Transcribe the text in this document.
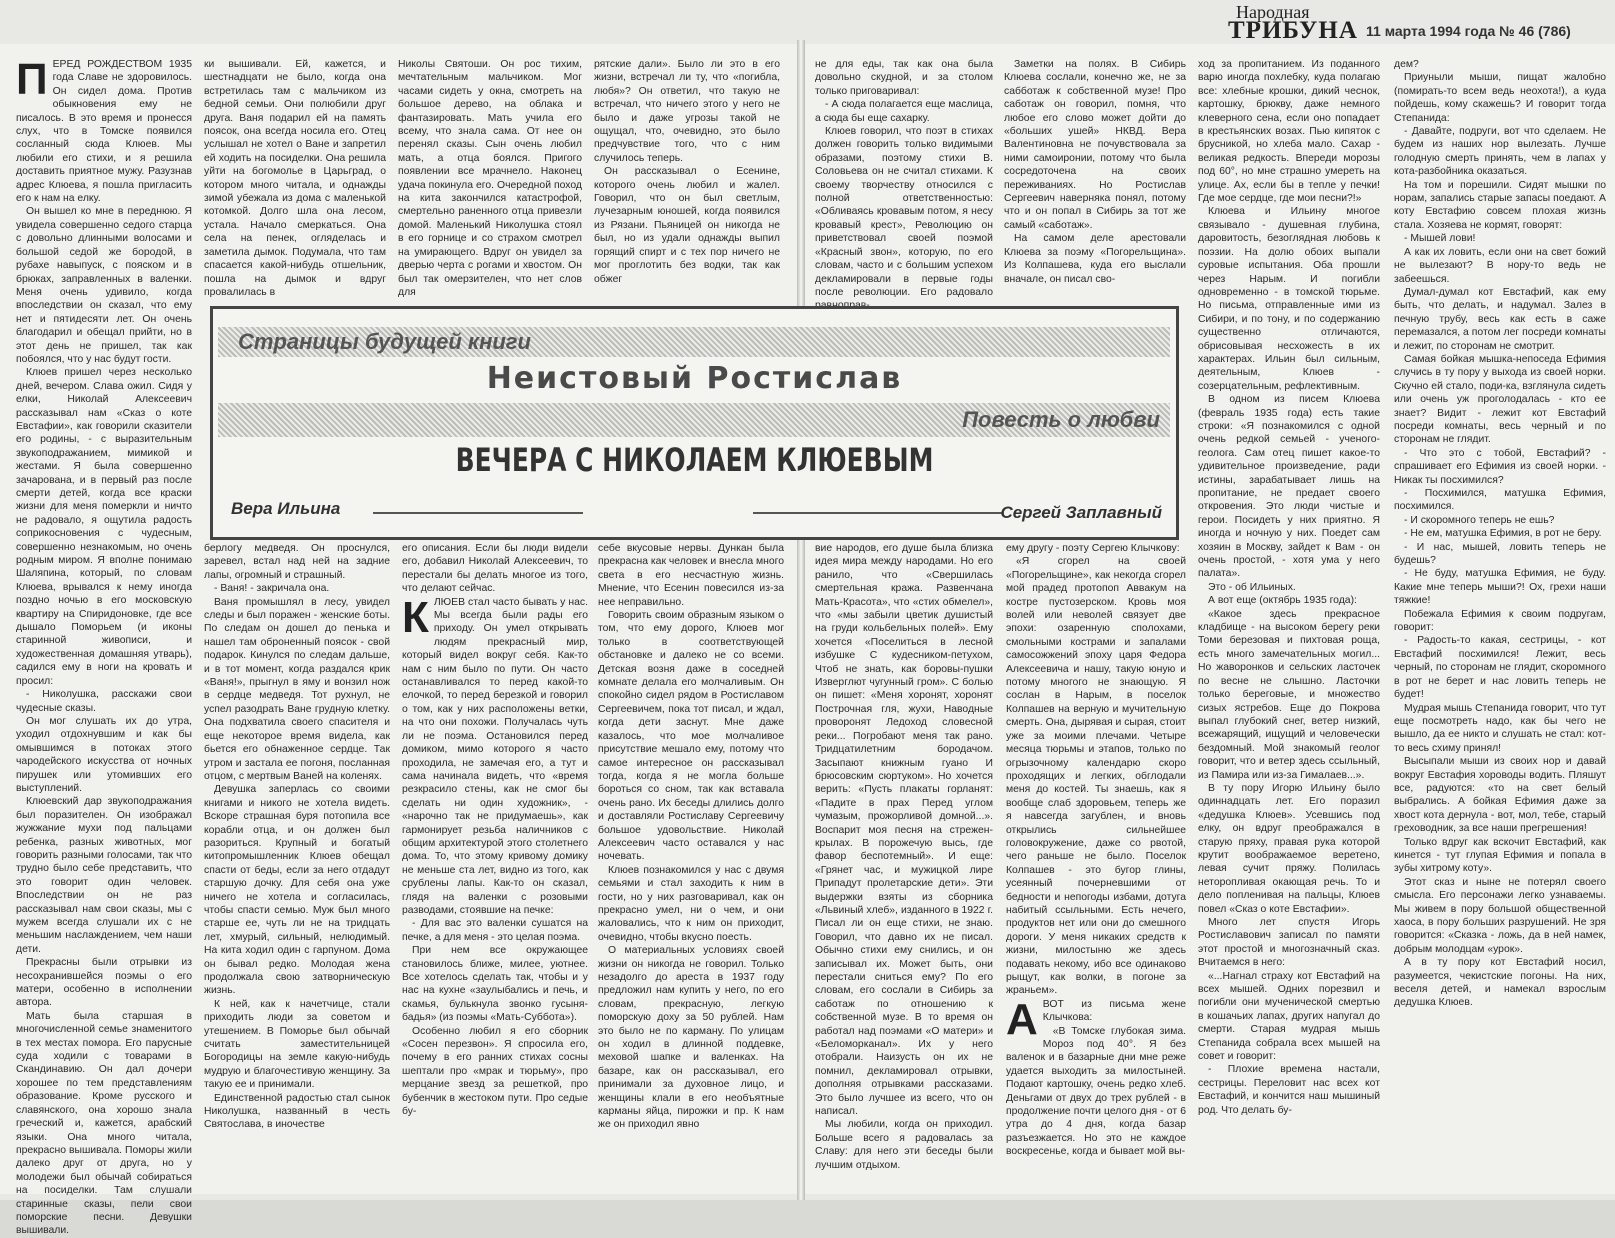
Народная
ТРИБУНА 11 марта 1994 года № 46 (786)
П ЕРЕД РОЖДЕСТВОМ 1935 года Славе не здоровилось. Он сидел дома. Против обыкновения ему не писалось. В это время и пронесся слух, что в Томске появился сосланный сюда Клюев. Мы любили его стихи, и я решила доставить приятное мужу. Разузнав адрес Клюева, я пошла пригласить его к нам на елку.

Он вышел ко мне в переднюю. Я увидела совершенно седого старца с довольно длинными волосами и большой седой же бородой, в рубахе навыпуск, с пояском и в брюках, заправленных в валенки. Меня очень удивило, когда впоследствии он сказал, что ему нет и пятидесяти лет. Он очень благодарил и обещал прийти, но в этот день не пришел, так как побоялся, что у нас будут гости.

Клюев пришел через несколько дней, вечером. Слава ожил. Сидя у елки, Николай Алексеевич рассказывал нам «Сказ о коте Евстафии», как говорили сказители его родины, - с выразительным звукоподражанием, мимикой и жестами. Я была совершенно зачарована, и в первый раз после смерти детей, когда все краски жизни для меня померкли и ничто не радовало, я ощутила радость соприкосновения с чудесным, совершенно незнакомым, но очень родным миром. Я вполне понимаю Шаляпина, который, по словам Клюева, врывался к нему иногда поздно ночью в его московскую квартиру на Спиридоновке, где все дышало Поморьем (и иконы старинной живописи, и художественная домашняя утварь), садился ему в ноги на кровать и просил:

- Николушка, расскажи свои чудесные сказы.

Он мог слушать их до утра, уходил отдохнувшим и как бы омывшимся в потоках этого чародейского искусства от ночных пирушек или утомивших его выступлений.

Клюевский дар звукоподражания был поразителен. Он изображал жужжание мухи под пальцами ребенка, разных животных, мог говорить разными голосами, так что трудно было себе представить, что это говорит один человек. Впоследствии он не раз рассказывал нам свои сказы, мы с мужем всегда слушали их с не меньшим наслаждением, чем наши дети.

Прекрасны были отрывки из несохранившейся поэмы о его матери, особенно в исполнении автора.

Мать была старшая в многочисленной семье знаменитого в тех местах помора. Его парусные суда ходили с товарами в Скандинавию. Он дал дочери хорошее по тем представлениям образование. Кроме русского и славянского, она хорошо знала греческий и, кажется, арабский языки. Она много читала, прекрасно вышивала. Поморы жили далеко друг от друга, но у молодежи был обычай собираться на посиделки. Там слушали старинные сказы, пели свои поморские песни. Девушки вышивали.

ки вышивали. Ей, кажется, и шестнадцати не было, когда она встретилась там с мальчиком из бедной семьи. Они полюбили друг друга. Ваня подарил ей на память поясок, она всегда носила его. Отец услышал не хотел о Ване и запретил ей ходить на посиделки. Она решила уйти на богомолье в Царьград, о котором много читала, и однажды зимой убежала из дома с маленькой котомкой. Долго шла она лесом, устала. Начало смеркаться. Она села на пенек, огляделась и заметила дымок. Подумала, что там спасается какой-нибудь отшельник, пошла на дымок и вдруг провалилась в

Николы Святоши. Он рос тихим, мечтательным мальчиком. Мог часами сидеть у окна, смотреть на большое дерево, на облака и фантазировать. Мать учила его всему, что знала сама. От нее он перенял сказы. Сын очень любил мать, а отца боялся. Пригого появлении все мрачнело. Наконец удача покинула его. Очередной поход на кита закончился катастрофой, смертельно раненного отца привезли домой. Маленький Николушка стоял в его горнице и со страхом смотрел на умирающего. Вдруг он увидел за дверью черта с рогами и хвостом. Он был так омерзителен, что нет слов для

рятские дали». Было ли это в его жизни, встречал ли ту, что «погибла, любя»? Он ответил, что такую не встречал, что ничего этого у него не было и даже угрозы такой не ощущал, что, очевидно, это было предчувствие того, что с ним случилось теперь.

Он рассказывал о Есенине, которого очень любил и жалел. Говорил, что он был светлым, лучезарным юношей, когда появился из Рязани. Пьяницей он никогда не был, но из удали однажды выпил горящий спирт и с тех пор ничего не мог проглотить без водки, так как обжег

не для еды, так как она была довольно скудной, и за столом только приговаривал:

- А сюда полагается еще маслица, а сюда бы еще сахарку.

Клюев говорил, что поэт в стихах должен говорить только видимыми образами, поэтому стихи В. Соловьева он не считал стихами. К своему творчеству относился с полной ответственностью: «Обливаясь кровавым потом, я несу кровавый крест», Революцию он приветствовал своей поэмой «Красный звон», которую, по его словам, часто и с большим успехом декламировали в первые годы после революции. Его радовало

Заметки на полях. В Сибирь Клюева сослали, конечно же, не за сабботаж к собственной музе! Про саботаж он говорил, помня, что любое его слово может дойти до «больших ушей» НКВД. Вера Валентиновна не почувствовала за ними самоиронии, потому что была сосредоточена на своих переживаниях. Но Ростислав Сергеевич наверняка понял, потому что и он попал в Сибирь за тот же самый «саботаж».

На самом деле арестовали Клюева за поэму «Погорельщина». Из Колпашева, куда его выслали вначале, он писал сво-

ход за пропитанием. Из поданного варю иногда похлебку, куда полагаю все: хлебные крошки, дикий чеснок, картошку, брюкву, даже немного клеверного сена, если оно попадает в крестьянских возах. Пью кипяток с брусникой, но хлеба мало. Сахар - великая редкость. Впереди морозы под 60°, но мне страшно умереть на улице. Ах, если бы в тепле у печки! Где мое сердце, где мои песни?!»

Клюева и Ильину многое связывало - душевная глубина, даровитость, безоглядная любовь к поэзии. На долю обоих выпали суровые испытания. Оба прошли через Нарым. И погибли одновременно - в томской тюрьме. Но письма, отправленные ими из Сибири, и по тону, и по содержанию существенно отличаются, обрисовывая несхожесть в их характерах. Ильин был сильным, деятельным, Клюев - созерцательным, рефлективным.

В одном из писем Клюева (февраль 1935 года) есть такие строки: «Я познакомился с одной очень редкой семьей - ученого-геолога. Сам отец пишет какое-то удивительное произведение, ради истины, зарабатывает лишь на пропитание, не предает своего откровения. Это люди чистые и герои. Посидеть у них приятно. Я иногда и ночную у них. Поедет сам хозяин в Москву, зайдет к Вам - он очень простой, - хотя ума у него палата».

Это - об Ильиных.

А вот еще (октябрь 1935 года):

«Какое здесь прекрасное кладбище - на высоком берегу реки Томи березовая и пихтовая роща, есть много замечательных могил... Но жаворонков и сельских ласточек по весне не слышно. Ласточки только береговые, и множество сизых ястребов. Еще до Покрова выпал глубокий снег, ветер низкий, всежарящий, ищущий и человечески бездомный. Мой знакомый геолог говорит, что и ветер здесь ссыльный, из Памира или из-за Гималаев...».

В ту пору Игорю Ильину было одиннадцать лет. Его поразил «дедушка Клюев». Усевшись под елку, он вдруг преображался в старую пряху, правая рука которой крутит воображаемое веретено, левая сучит пряжу. Полилась неторопливая окающая речь. То и дело попленивая на пальцы, Клюев повел «Сказ о коте Евстафии».

Много лет спустя Игорь Ростиславович записал по памяти этот простой и многозначный сказ. Вчитаемся в него:

«...Нагнал страху кот Евстафий на всех мышей. Одних порезвил и погибли они мученической смертью в кошачьих лапах, других напугал до смерти. Старая мудрая мышь Степанида собрала всех мышей на совет и говорит:

- Плохие времена настали, сестрицы. Переловит нас всех кот Евстафий, и кончится наш мышиный род. Что делать бу-

дем?

Приуныли мыши, пищат жалобно (помирать-то всем ведь неохота!), а куда пойдешь, кому скажешь? И говорит тогда Степанида:

- Давайте, подруги, вот что сделаем. Не будем из наших нор вылезать. Лучше голодную смерть принять, чем в лапах у кота-разбойника оказаться.

На том и порешили. Сидят мышки по норам, запались старые запасы поедают. А коту Евстафию совсем плохая жизнь стала. Хозяева не кормят, говорят:

- Мышей лови!

А как их ловить, если они на свет божий не вылезают? В нору-то ведь не забеешься.

Думал-думал кот Евстафий, как ему быть, что делать, и надумал. Залез в печную трубу, весь как есть в саже перемазался, а потом лег посреди комнаты и лежит, по сторонам не смотрит.

Самая бойкая мышка-непоседа Ефимия случись в ту пору у выхода из своей норки. Скучно ей стало, поди-ка, взглянула сидеть или очень уж проголодалась - кто ее знает? Видит - лежит кот Евстафий посреди комнаты, весь черный и по сторонам не глядит.

- Что это с тобой, Евстафий? - спрашивает его Ефимия из своей норки. - Никак ты посхимился?

- Посхимился, матушка Ефимия, посхимился.

- И скоромного теперь не ешь?

- Не ем, матушка Ефимия, в рот не беру.

- И нас, мышей, ловить теперь не будешь?

- Не буду, матушка Ефимия, не буду. Какие мне теперь мыши?! Ох, грехи наши тяжкие!

Побежала Ефимия к своим подругам, говорит:

- Радость-то какая, сестрицы, - кот Евстафий посхимился! Лежит, весь черный, по сторонам не глядит, скоромного в рот не берет и нас ловить теперь не будет!

Мудрая мышь Степанида говорит, что тут еще посмотреть надо, как бы чего не вышло, да ее никто и слушать не стал: кот-то весь схиму принял!

Высыпали мыши из своих нор и давай вокруг Евстафия хороводы водить. Пляшут все, радуются: «то на свет белый выбрались. А бойкая Ефимия даже за хвост кота дернула - вот, мол, тебе, старый греховодник, за все наши прегрешения!

Только вдруг как вскочит Евстафий, как кинется - тут глупая Ефимия и попала в зубы хитрому коту».

Этот сказ и ныне не потерял своего смысла. Его персонажи легко узнаваемы. Мы живем в пору большой общественной хаоса, в пору больших разрушений. Не зря говорится: «Сказка - ложь, да в ней намек, добрым молодцам «урок».

А в ту пору кот Евстафий носил, разумеется, чекистские погоны. На них, веселя детей, и намекал взрослым дедушка Клюев.

Страницы будущей книги
Неистовый Ростислав
Повесть о любви
ВЕЧЕРА С НИКОЛАЕМ КЛЮЕВЫМ
Вера Ильина	Сергей Заплавный

берлогу медведя. Он проснулся, заревел, встал над ней на задние лапы, огромный и страшный.

- Ваня! - закричала она.

Ваня промышлял в лесу, увидел следы и был поражен - женские боты. По следам он дошел до пенька и нашел там оброненный поясок - свой подарок. Кинулся по следам дальше, и в тот момент, когда раздался крик «Ваня!», прыгнул в яму и вонзил нож в сердце медведя. Тот рухнул, не успел разодрать Ване грудную клетку. Она подхватила своего спасителя и еще некоторое время видела, как бьется его обнаженное сердце. Так утром и застала ее погоня, посланная отцом, с мертвым Ваней на коленях.

Девушка заперлась со своими книгами и никого не хотела видеть. Вскоре страшная буря потопила все корабли отца, и он должен был разориться. Крупный и богатый китопромышленник Клюев обещал спасти от беды, если за него отдадут старшую дочку. Для себя она уже ничего не хотела и согласилась, чтобы спасти семью. Муж был много старше ее, чуть ли не на тридцать лет, хмурый, сильный, нелюдимый. На кита ходил один с гарпуном. Дома он бывал редко. Молодая жена продолжала свою затворническую жизнь.

К ней, как к начетчице, стали приходить люди за советом и утешением. В Поморье был обычай считать заместительницей Богородицы на земле какую-нибудь мудрую и благочестивую женщину. За такую ее и принимали.

Единственной радостью стал сынок Николушка, названный в честь Святослава, в иночестве

его описания. Если бы люди видели его, добавил Николай Алексеевич, то перестали бы делать многое из того, что делают сейчас.

К ЛЮЕВ стал часто бывать у нас. Мы всегда были рады его приходу. Он умел открывать людям прекрасный мир, который видел вокруг себя. Как-то нам с ним было по пути. Он часто останавливался то перед какой-то елочкой, то перед березкой и говорил о том, как у них расположены ветки, на что они похожи. Получалась чуть ли не поэма. Остановился перед домиком, мимо которого я часто проходила, не замечая его, а тут и сама начинала видеть, что «время резкрасило стены, как не смог бы сделать ни один художник», - «нарочно так не придумаешь», как гармонирует резьба наличников с общим архитектурой этого столетнего дома. То, что этому кривому домику не меньше ста лет, видно из того, как срублены лапы. Как-то он сказал, глядя на валенки с розовыми разводами, стоявшие на печке:

- Для вас это валенки сушатся на печке, а для меня - это целая поэма.

При нем все окружающее становилось ближе, милее, уютнее. Все хотелось сделать так, чтобы и у нас на кухне «заулыбались и печь, и скамья, булькнула звонко гусыня-бадья» (из поэмы «Мать-Суббота»).

Особенно любил я его сборник «Сосен перезвон». Я спросила его, почему в его ранних стихах сосны шептали про «мрак и тюрьму», про мерцание звезд за решеткой, про бубенчик в жестоком пути. Про седые бу-

себе вкусовые нервы. Дункан была прекрасна как человек и внесла много света в его несчастную жизнь. Мнение, что Есенин повесился из-за нее неправильно.

Говорить своим образным языком о том, что ему дорого, Клюев мог только в соответствующей обстановке и далеко не со всеми. Детская возня даже в соседней комнате делала его молчаливым. Он спокойно сидел рядом в Ростиславом Сергеевичем, пока тот писал, и ждал, когда дети заснут. Мне даже казалось, что мое молчаливое присутствие мешало ему, потому что самое интересное он рассказывал тогда, когда я не могла больше бороться со сном, так как вставала очень рано. Их беседы длились долго и доставляли Ростиславу Сергеевичу большое удовольствие. Николай Алексеевич часто оставался у нас ночевать.

Клюев познакомился у нас с двумя семьями и стал заходить к ним в гости, но у них разговаривал, как он прекрасно умел, ни о чем, и они жаловались, что к ним он приходит, очевидно, чтобы вкусно поесть.

О материальных условиях своей жизни он никогда не говорил. Только незадолго до ареста в 1937 году предложил нам купить у него, по его словам, прекрасную, легкую поморскую доху за 50 рублей. Нам это было не по карману. По улицам он ходил в длинной поддевке, меховой шапке и валенках. На базаре, как он рассказывал, его принимали за духовное лицо, и женщины клали в его необъятные карманы яйца, пирожки и пр. К нам же он приходил явно

вие народов, его душе была близка идея мира между народами. Но его ранило, что «Свершилась смертельная кража. Развенчана Мать-Красота», что «стих обмелел», что «мы забыли цветик душистый на груди кольбельных полей». Ему хочется «Поселиться в лесной избушке С кудесником-петухом, Чтоб не знать, как боровы-пушки Изверглют чугунный гром». С болью он пишет: «Меня хоронят, хоронят Построчная гля, жухи, Наводные проворонят Ледоход словесной реки... Погробают меня так рано. Тридцатилетним бородачом. Засыпают книжным гуано И брюсовским сюртуком». Но хочется верить: «Пусть плакаты горланят: «Падите в прах Перед углом чумазым, прожорливой домной...». Воспарит моя песня на стрежен-крылах. В порожечую высь, где фавор беспотемный». И еще: «Грянет час, и мужицкой лире Припадут пролетарские дети». Эти выдержки взяты из сборника «Львиный хлеб», изданного в 1922 г. Писал ли он еще стихи, не знаю. Говорил, что давно их не писал. Обычно стихи ему снились, и он записывал их. Может быть, они перестали сниться ему? По его словам, его сослали в Сибирь за саботаж по отношению к собственной музе. В то время он работал над поэмами «О матери» и «Беломорканал». Их у него отобрали. Наизусть он их не помнил, декламировал отрывки, дополняя отрывками рассказами. Это было лучшее из всего, что он написал.

Мы любили, когда он приходил. Больше всего я радовалась за Славу: для него эти беседы были лучшим отдыхом.

ему другу - поэту Сергею Клычкову:

«Я сгорел на своей «Погорельщине», как некогда сгорел мой прадед протопоп Аввакум на костре пустозерском. Кровь моя волей или неволей связует две эпохи: озаренную сполохами, смольными кострами и запалами самосожжений эпоху царя Федора Алексеевича и нашу, такую юную и потому многого не знающую. Я сослан в Нарым, в поселок Колпашев на верную и мучительную смерть. Она, дырявая и сырая, стоит уже за моими плечами. Четыре месяца тюрьмы и этапов, только по огрызочному календарю скоро проходящих и легких, обглодали меня до костей. Ты знаешь, как я вообще слаб здоровьем, теперь же я навсегда загублен, и вновь открылись сильнейшее головокружение, даже со рвотой, чего раньше не было. Поселок Колпашев - это бугор глины, усеянный почерневшими от бедности и непогоды избами, дотуга набитый ссыльными. Есть нечего, продуктов нет или они до смешного дороги. У меня никаких средств к жизни, милостыню же здесь подавать некому, ибо все одинаково рыщут, как волки, в погоне за жраньем».

А ВОТ из письма жене Клычкова:

«В Томске глубокая зима. Мороз под 40°. Я без валенок и в базарные дни мне реже удается выходить за милостыней. Подают картошку, очень редко хлеб. Деньгами от двух до трех рублей - в продолжение почти целого дня - от 6 утра до 4 дня, когда базар разъезжается. Но это не каждое воскресенье, когда и бывает мой вы-
